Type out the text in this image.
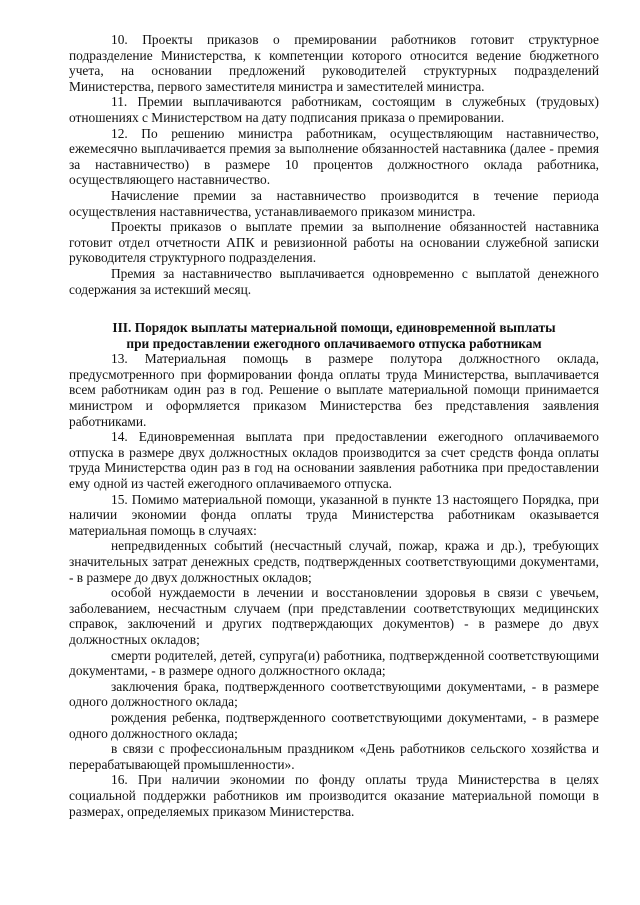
10. Проекты приказов о премировании работников готовит структурное подразделение Министерства, к компетенции которого относится ведение бюджетного учета, на основании предложений руководителей структурных подразделений Министерства, первого заместителя министра и заместителей министра.

11. Премии выплачиваются работникам, состоящим в служебных (трудовых) отношениях с Министерством на дату подписания приказа о премировании.

12. По решению министра работникам, осуществляющим наставничество, ежемесячно выплачивается премия за выполнение обязанностей наставника (далее - премия за наставничество) в размере 10 процентов должностного оклада работника, осуществляющего наставничество.

Начисление премии за наставничество производится в течение периода осуществления наставничества, устанавливаемого приказом министра.

Проекты приказов о выплате премии за выполнение обязанностей наставника готовит отдел отчетности АПК и ревизионной работы на основании служебной записки руководителя структурного подразделения.

Премия за наставничество выплачивается одновременно с выплатой денежного содержания за истекший месяц.

III. Порядок выплаты материальной помощи, единовременной выплаты
при предоставлении ежегодного оплачиваемого отпуска работникам

13. Материальная помощь в размере полутора должностного оклада, предусмотренного при формировании фонда оплаты труда Министерства, выплачивается всем работникам один раз в год. Решение о выплате материальной помощи принимается министром и оформляется приказом Министерства без представления заявления работниками.

14. Единовременная выплата при предоставлении ежегодного оплачиваемого отпуска в размере двух должностных окладов производится за счет средств фонда оплаты труда Министерства один раз в год на основании заявления работника при предоставлении ему одной из частей ежегодного оплачиваемого отпуска.

15. Помимо материальной помощи, указанной в пункте 13 настоящего Порядка, при наличии экономии фонда оплаты труда Министерства работникам оказывается материальная помощь в случаях:

непредвиденных событий (несчастный случай, пожар, кража и др.), требующих значительных затрат денежных средств, подтвержденных соответствующими документами, - в размере до двух должностных окладов;

особой нуждаемости в лечении и восстановлении здоровья в связи с увечьем, заболеванием, несчастным случаем (при представлении соответствующих медицинских справок, заключений и других подтверждающих документов) - в размере до двух должностных окладов;

смерти родителей, детей, супруга(и) работника, подтвержденной соответствующими документами, - в размере одного должностного оклада;

заключения брака, подтвержденного соответствующими документами, - в размере одного должностного оклада;

рождения ребенка, подтвержденного соответствующими документами, - в размере одного должностного оклада;

в связи с профессиональным праздником «День работников сельского хозяйства и перерабатывающей промышленности».

16. При наличии экономии по фонду оплаты труда Министерства в целях социальной поддержки работников им производится оказание материальной помощи в размерах, определяемых приказом Министерства.
